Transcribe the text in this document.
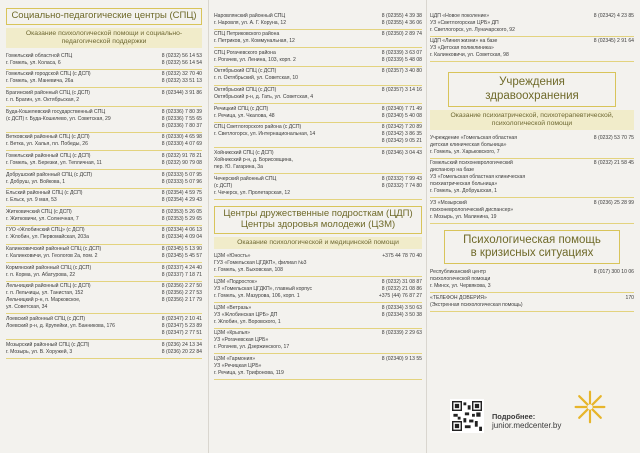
Социально-педагогические центры (СПЦ)
Оказание психологической помощи и социально-педагогической поддержки
Гомельский областной СПЦ
г. Гомель, ул. Коласа, 6
8 (0232) 56 14 53
8 (0232) 56 14 54
Гомельский городской СПЦ (с ДСП)
г. Гомель, ул. Маневича, 26а
8 (0232) 32 70 40
8 (0232) 33 51 13
Брагинский районный СПЦ (с ДСП)
г. п. Брагин, ул. Октябрьская, 2
8 (02344) 3 91 86
Буда-Кошелевский государственный СПЦ
(с ДСП) г. Буда-Кошелево, ул. Советская, 29
8 (02336) 7 80 39
8 (02336) 7 55 65
8 (02336) 7 80 37
Ветковский районный СПЦ (с ДСП)
г. Ветка, ул. Халья, пл. Победы, 26
8 (02330) 4 65 98
8 (02330) 4 07 69
Гомельский районный СПЦ (с ДСП)
г. Гомель, ул. Березки, ул. Тепличная, 11
8 (0232) 91 78 21
8 (0232) 90 79 08
Добрушский районный СПЦ (с ДСП)
г. Добруш, ул. Войкова, 1
8 (02333) 5 07 95
8 (02333) 5 07 96
Ельский районный СПЦ (с ДСП)
г. Ельск, ул. 9 мая, 53
8 (02354) 4 59 75
8 (02354) 4 29 43
Житковичский СПЦ (с ДСП)
г. Житковичи, ул. Солнечная, 7
8 (02353) 5 26 05
8 (02353) 5 29 65
ГУО «Жлобинский СПЦ» (с ДСП)
г. Жлобин, ул. Первомайская, 203а
8 (02334) 4 06 13
8 (02334) 4 09 04
Калинковичский районный СПЦ (с ДСП)
г. Калинковичи, ул. Геологов 2а, пом. 2
8 (02345) 5 13 90
8 (02345) 5 45 57
Кормянский районный СПЦ (с ДСП)
г. п. Корма, ул. Абатурова, 22
8 (02337) 4 24 40
8 (02337) 7 18 71
Лельчицкий районный СПЦ (с ДСП)
г. п. Лельчицы, ул. Танистая, 152
Лельчицкий р-н, п. Марковское,
ул. Советская, 34
8 (02356) 2 27 50
8 (02356) 2 27 53
8 (02356) 2 17 79
Лоевский районный СПЦ (с ДСП)
Лоевский р-н, д. Крупейки, ул. Банникова, 176
8 (02347) 2 10 41
8 (02347) 5 23 89
8 (02347) 2 77 51
Мозырский районный СПЦ (с ДСП)
г. Мозырь, ул. В. Хоружей, 3
8 (0236) 24 13 34
8 (0236) 20 22 84
Наровлянский районный СПЦ
г. Наровля, ул. А. Г. Коруна, 12
8 (02355) 4 39 38
8 (02355) 4 36 06
СПЦ Петриковского района
г. Петриков, ул. Коммунальная, 12
8 (02350) 2 89 74
СПЦ Рогачевского района
г. Рогачев, ул. Ленина, 103, корп. 2
8 (02339) 3 63 07
8 (02339) 5 48 08
Октябрьский СПЦ (с ДСП)
г. п. Октябрьский, ул. Советская, 10
8 (02357) 3 40 80
Октябрьский СПЦ (с ДСП)
Октябрьский р-н, д. Гать, ул. Советская, 4
8 (02357) 3 14 16
Речицкий СПЦ (с ДСП)
г. Речица, ул. Чкалова, 48
8 (02340) 7 71 49
8 (02340) 5 40 08
СПЦ Светлогорского района (с ДСП)
г. Светлогорск, ул. Интернациональная, 14
8 (02342) 7 20 89
8 (02342) 3 86 35
8 (02342) 9 05 21
Хойникский СПЦ (с ДСП)
Хойникский р-н, д. Борисовщина,
пер. Ю. Гагарина, 3а
8 (02346) 3 04 43
Чечерский районный СПЦ
(с ДСП)
г. Чечерск, ул. Пролетарская, 12
8 (02332) 7 99 43
8 (02332) 7 74 80
Центры дружественные подросткам (ЦДП)
Центры здоровья молодежи (ЦЗМ)
Оказание психологической и медицинской помощи
ЦЗМ «Юность»
ГУЗ «Гомельская ЦГДКП», филиал №3
г. Гомель, ул. Быховская, 108
+375 44 78 70 40
ЦЗМ «Подросток»
УЗ «Гомельская ЦГДКП», главный корпус
г. Гомель, ул. Мазурова, 106, корп. 1
8 (0232) 31 08 87
8 (0232) 21 08 86
+375 (44) 76 87 27
ЦЗМ «Ветразь»
УЗ «Жлобинская ЦРБ» ДП
г. Жлобин, ул. Воровского, 1
8 (02334) 3 50 63
8 (02334) 3 50 38
ЦЗМ «Крылья»
УЗ «Рогачевская ЦРБ»
г. Рогачев, ул. Дзержинского, 17
8 (02339) 2 29 63
ЦЗМ «Гармония»
УЗ «Речицкая ЦРБ»
г. Речица, ул. Трифонова, 119
8 (02340) 9 13 55
ЦДП «Новое поколение»
УЗ «Светлогорская ЦРБ» ДП
г. Светлогорск, ул. Луначарского, 92
8 (02342) 4 23 85
ЦДП «Линия жизни» на базе
УЗ «Детская поликлиника»
г. Калинковичи, ул. Советская, 98
8 (02345) 2 91 64
Учреждения
здравоохранения
Оказание психиатрической, психотерапевтической, психологической помощи
Учреждение «Гомельская областная
детская клиническая больница»
г. Гомель, ул. Харьковского, 7
8 (0232) 53 70 75
Гомельский психоневрологический
диспансер на базе
УЗ «Гомельская областная клиническая
психиатрическая больница»
г. Гомель, ул. Добрушская, 1
8 (0232) 21 58 45
УЗ «Мозырский
психоневрологический диспансер»
г. Мозырь, ул. Малинина, 19
8 (0236) 25 28 99
Психологическая помощь
в кризисных ситуациях
Республиканский центр
психологической помощи
г. Минск, ул. Червякова, 3
8 (017) 300 10 06
«ТЕЛЕФОН ДОВЕРИЯ»
(Экстренная психологическая помощь)
170
Подробнее:
junior.medcenter.by
